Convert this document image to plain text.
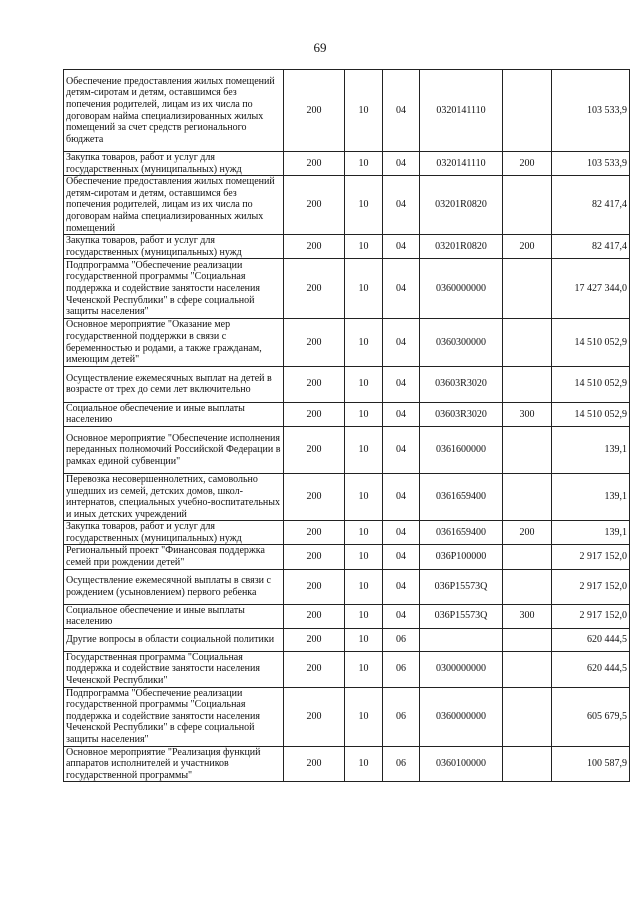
69
Обеспечение предоставления жилых помещений детям-сиротам и детям, оставшимся без попечения родителей, лицам из их числа по договорам найма специализированных жилых помещений за счет средств регионального бюджета	200	10	04	0320141110		103 533,9
Закупка товаров, работ и услуг для государственных (муниципальных) нужд	200	10	04	0320141110	200	103 533,9
Обеспечение предоставления жилых помещений детям-сиротам и детям, оставшимся без попечения родителей, лицам из их числа по договорам найма специализированных жилых помещений	200	10	04	03201R0820		82 417,4
Закупка товаров, работ и услуг для государственных (муниципальных) нужд	200	10	04	03201R0820	200	82 417,4
Подпрограмма "Обеспечение реализации государственной программы "Социальная поддержка и содействие занятости населения Чеченской Республики" в сфере социальной защиты населения"	200	10	04	0360000000		17 427 344,0
Основное мероприятие "Оказание мер государственной поддержки в связи с беременностью и родами, а также гражданам, имеющим детей"	200	10	04	0360300000		14 510 052,9
Осуществление ежемесячных выплат на детей в возрасте от трех до семи лет включительно	200	10	04	03603R3020		14 510 052,9
Социальное обеспечение и иные выплаты населению	200	10	04	03603R3020	300	14 510 052,9
Основное мероприятие "Обеспечение исполнения переданных полномочий Российской Федерации в рамках единой субвенции"	200	10	04	0361600000		139,1
Перевозка несовершеннолетних, самовольно ушедших из семей, детских домов, школ-интернатов, специальных учебно-воспитательных и иных детских учреждений	200	10	04	0361659400		139,1
Закупка товаров, работ и услуг для государственных (муниципальных) нужд	200	10	04	0361659400	200	139,1
Региональный проект "Финансовая поддержка семей при рождении детей"	200	10	04	036P100000		2 917 152,0
Осуществление ежемесячной выплаты в связи с рождением (усыновлением) первого ребенка	200	10	04	036P15573Q		2 917 152,0
Социальное обеспечение и иные выплаты населению	200	10	04	036P15573Q	300	2 917 152,0
Другие вопросы в области социальной политики	200	10	06			620 444,5
Государственная программа "Социальная поддержка и содействие занятости населения Чеченской Республики"	200	10	06	0300000000		620 444,5
Подпрограмма "Обеспечение реализации государственной программы "Социальная поддержка и содействие занятости населения Чеченской Республики" в сфере социальной защиты населения"	200	10	06	0360000000		605 679,5
Основное мероприятие "Реализация функций аппаратов исполнителей и участников государственной программы"	200	10	06	0360100000		100 587,9
